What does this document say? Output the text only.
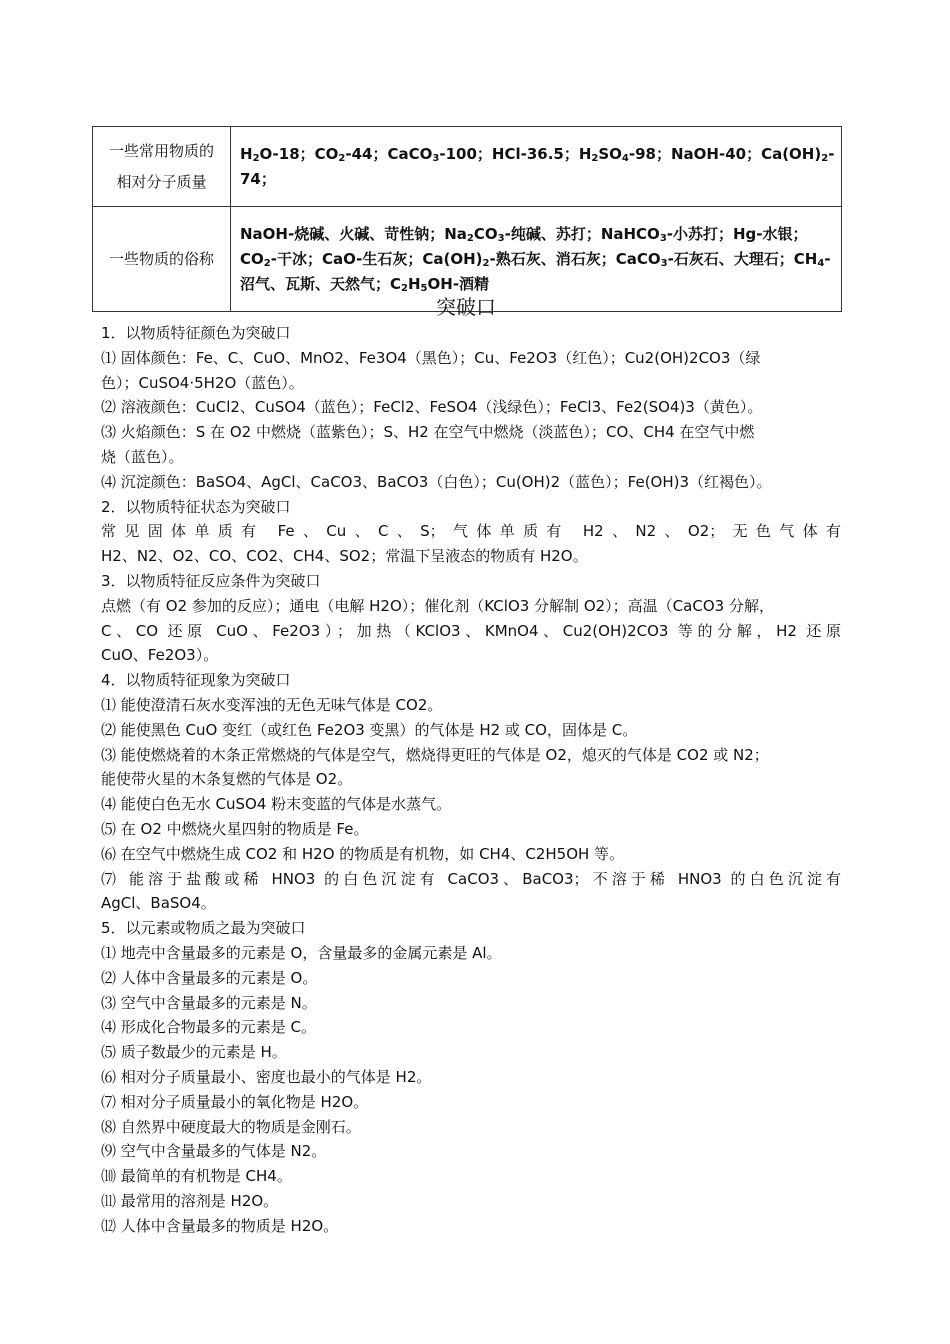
一些常用物质的
相对分子质量	$H_2O-18$；$CO_2-44$；CaCO$_3$-100；HCl-36.5；$H_2SO_4-98$；NaOH-40；$Ca(OH)_2-74$；

一些物质的俗称	NaOH-烧碱、火碱、苛性钠；$Na_2CO_3-$纯碱、苏打；NaHCO$_3$-小苏打；Hg-水银；$CO_2-$干冰；CaO-生石灰；$Ca(OH)_2-$熟石灰、消石灰；CaCO$_3$-石灰石、大理石；$CH_4-$沼气、瓦斯、天然气；$C_2H_5OH-$酒精
突破口

1．以物质特征颜色为突破口

⑴ 固体颜色：Fe、C、CuO、MnO2、Fe3O4（黑色）；Cu、Fe2O3（红色）；Cu2(OH)2CO3（绿

色）；CuSO4·5H2O（蓝色）。

⑵ 溶液颜色：CuCl2、CuSO4（蓝色）；FeCl2、FeSO4（浅绿色）；FeCl3、Fe2(SO4)3（黄色）。

⑶ 火焰颜色：S 在 O2 中燃烧（蓝紫色）；S、H2 在空气中燃烧（淡蓝色）；CO、CH4 在空气中燃

烧（蓝色）。

⑷ 沉淀颜色：BaSO4、AgCl、CaCO3、BaCO3（白色）；Cu(OH)2（蓝色）；Fe(OH)3（红褐色）。

2．以物质特征状态为突破口

常见固体单质有 Fe、Cu、C、S；气体单质有 H2、N2、O2；无色气体有

H2、N2、O2、CO、CO2、CH4、SO2；常温下呈液态的物质有 H2O。

3．以物质特征反应条件为突破口

点燃（有 O2 参加的反应）；通电（电解 H2O）；催化剂（KClO3 分解制 O2）；高温（CaCO3 分解，

C、CO 还原 CuO、Fe2O3）；加热（KClO3、KMnO4、Cu2(OH)2CO3 等的分解，H2 还原

CuO、Fe2O3）。

4．以物质特征现象为突破口

⑴ 能使澄清石灰水变浑浊的无色无味气体是 CO2。

⑵ 能使黑色 CuO 变红（或红色 Fe2O3 变黑）的气体是 H2 或 CO，固体是 C。

⑶ 能使燃烧着的木条正常燃烧的气体是空气，燃烧得更旺的气体是 O2，熄灭的气体是 CO2 或 N2；

能使带火星的木条复燃的气体是 O2。

⑷ 能使白色无水 CuSO4 粉末变蓝的气体是水蒸气。

⑸ 在 O2 中燃烧火星四射的物质是 Fe。

⑹ 在空气中燃烧生成 CO2 和 H2O 的物质是有机物，如 CH4、C2H5OH 等。

⑺ 能溶于盐酸或稀 HNO3 的白色沉淀有 CaCO3、BaCO3；不溶于稀 HNO3 的白色沉淀有

AgCl、BaSO4。

5．以元素或物质之最为突破口

⑴ 地壳中含量最多的元素是 O，含量最多的金属元素是 Al。

⑵ 人体中含量最多的元素是 O。

⑶ 空气中含量最多的元素是 N。

⑷ 形成化合物最多的元素是 C。

⑸ 质子数最少的元素是 H。

⑹ 相对分子质量最小、密度也最小的气体是 H2。

⑺ 相对分子质量最小的氧化物是 H2O。

⑻ 自然界中硬度最大的物质是金刚石。

⑼ 空气中含量最多的气体是 N2。

⑽ 最简单的有机物是 CH4。

⑾ 最常用的溶剂是 H2O。

⑿ 人体中含量最多的物质是 H2O。
